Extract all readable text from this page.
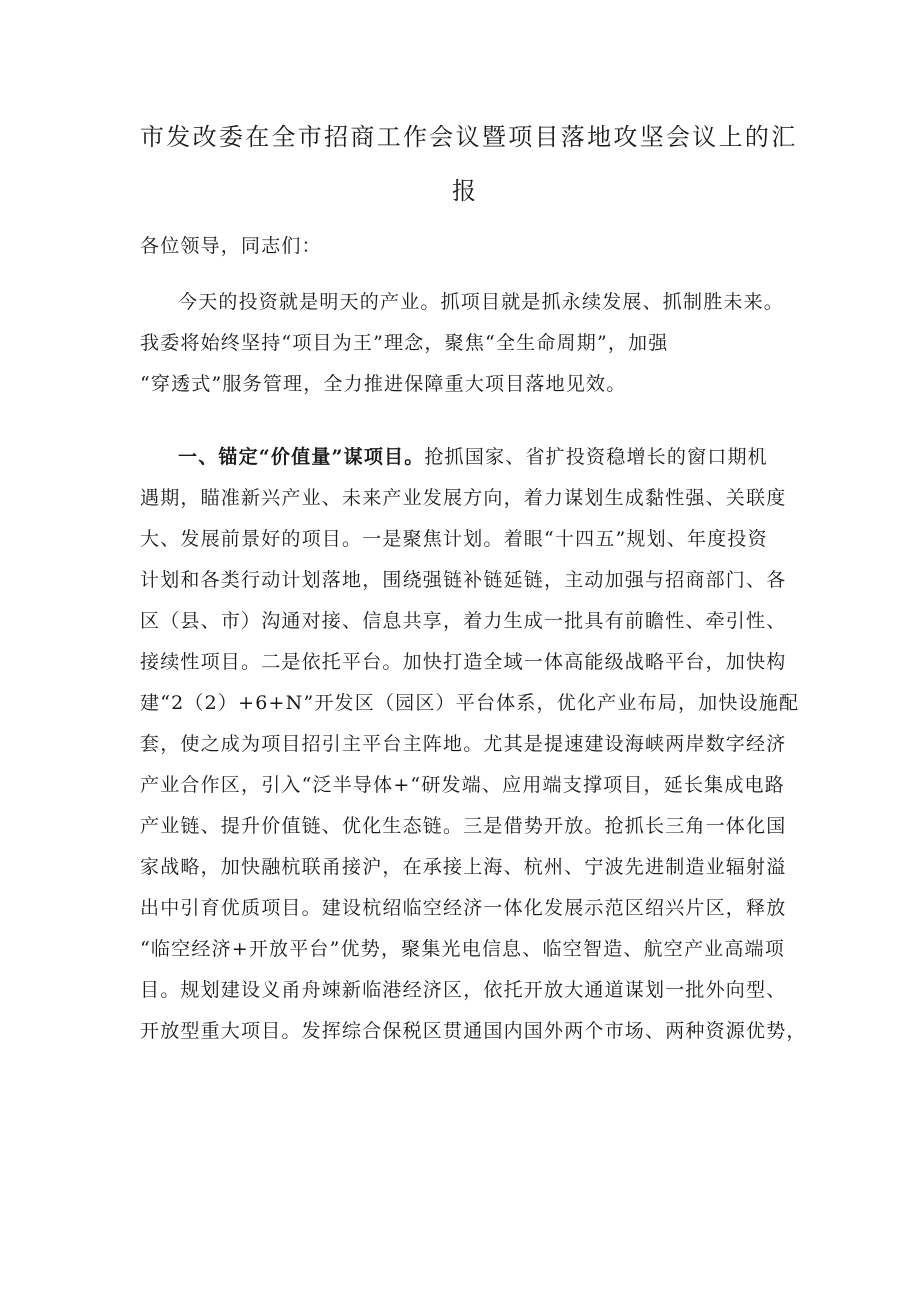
市发改委在全市招商工作会议暨项目落地攻坚会议上的汇
报
各位领导，同志们：
今天的投资就是明天的产业。抓项目就是抓永续发展、抓制胜未来。
我委将始终坚持“项目为王”理念，聚焦“全生命周期”，加强
“穿透式”服务管理，全力推进保障重大项目落地见效。
一、锚定“价值量”谋项目。抢抓国家、省扩投资稳增长的窗口期机
遇期，瞄准新兴产业、未来产业发展方向，着力谋划生成黏性强、关联度
大、发展前景好的项目。一是聚焦计划。着眼“十四五”规划、年度投资
计划和各类行动计划落地，围绕强链补链延链，主动加强与招商部门、各
区（县、市）沟通对接、信息共享，着力生成一批具有前瞻性、牵引性、
接续性项目。二是依托平台。加快打造全域一体高能级战略平台，加快构
建“2（2）+6+N”开发区（园区）平台体系，优化产业布局，加快设施配
套，使之成为项目招引主平台主阵地。尤其是提速建设海峡两岸数字经济
产业合作区，引入“泛半导体+“研发端、应用端支撑项目，延长集成电路
产业链、提升价值链、优化生态链。三是借势开放。抢抓长三角一体化国
家战略，加快融杭联甬接沪，在承接上海、杭州、宁波先进制造业辐射溢
出中引育优质项目。建设杭绍临空经济一体化发展示范区绍兴片区，释放
“临空经济+开放平台”优势，聚集光电信息、临空智造、航空产业高端项
目。规划建设义甬舟竦新临港经济区，依托开放大通道谋划一批外向型、
开放型重大项目。发挥综合保税区贯通国内国外两个市场、两种资源优势，
